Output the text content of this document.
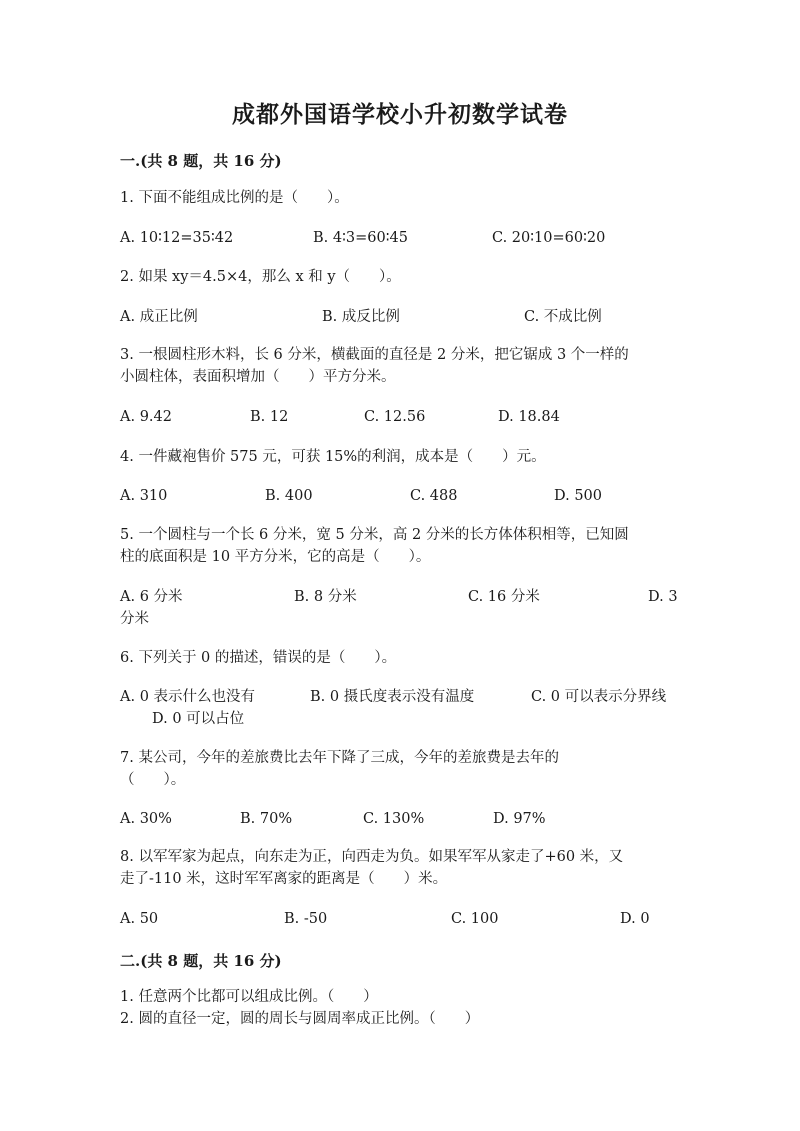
成都外国语学校小升初数学试卷
一.(共 8 题，共 16 分)
1. 下面不能组成比例的是（　　）。
A. 10∶12=35∶42	B. 4∶3=60∶45	C. 20∶10=60∶20
2. 如果 xy＝4.5×4，那么 x 和 y（　　）。
A. 成正比例	B. 成反比例	C. 不成比例
3. 一根圆柱形木料，长 6 分米，横截面的直径是 2 分米，把它锯成 3 个一样的
小圆柱体，表面积增加（　　）平方分米。
A. 9.42	B. 12	C. 12.56	D. 18.84
4. 一件藏袍售价 575 元，可获 15%的利润，成本是（　　）元。
A. 310	B. 400	C. 488	D. 500
5. 一个圆柱与一个长 6 分米，宽 5 分米，高 2 分米的长方体体积相等，已知圆
柱的底面积是 10 平方分米，它的高是（　　）。
A. 6 分米	B. 8 分米	C. 16 分米	D. 3
分米
6. 下列关于 0 的描述，错误的是（　　）。
A. 0 表示什么也没有	B. 0 摄氏度表示没有温度	C. 0 可以表示分界线
D. 0 可以占位
7. 某公司，今年的差旅费比去年下降了三成，今年的差旅费是去年的
（　　）。
A. 30%	B. 70%	C. 130%	D. 97%
8. 以军军家为起点，向东走为正，向西走为负。如果军军从家走了+60 米，又
走了-110 米，这时军军离家的距离是（　　）米。
A. 50	B. -50	C. 100	D. 0
二.(共 8 题，共 16 分)
1. 任意两个比都可以组成比例。（　　）
2. 圆的直径一定，圆的周长与圆周率成正比例。（　　）
